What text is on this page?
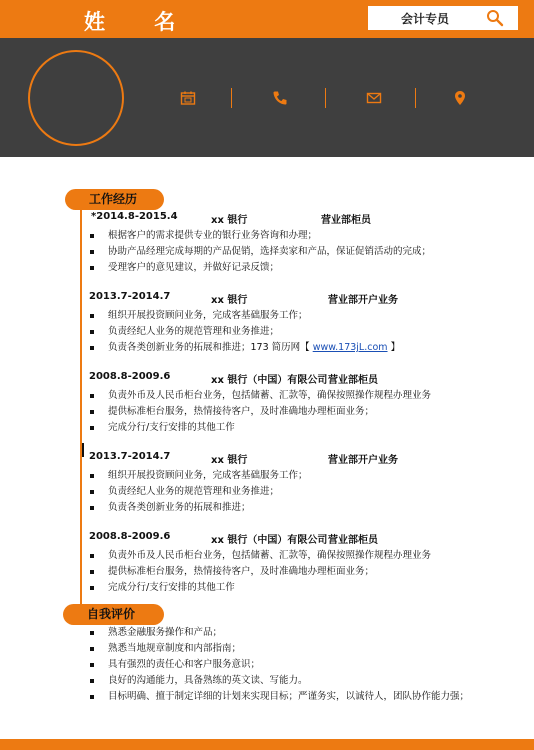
姓 名	会计专员
工作经历
*2014.8-2015.4	xx 银行	营业部柜员
根据客户的需求提供专业的银行业务咨询和办理；
协助产品经理完成每期的产品促销，选择卖家和产品，保证促销活动的完成；
受理客户的意见建议，并做好记录反馈；
2013.7-2014.7	xx 银行	营业部开户业务
组织开展投资顾问业务，完成客基础服务工作；
负责经纪人业务的规范管理和业务推进；
负责各类创新业务的拓展和推进；173 简历网【 www.173jL.com 】
2008.8-2009.6	xx 银行（中国）有限公司 营业部柜员
负责外币及人民币柜台业务，包括储蓄、汇款等，确保按照操作规程办理业务
提供标准柜台服务，热情接待客户，及时准确地办理柜面业务；
完成分行/支行安排的其他工作
2013.7-2014.7	xx 银行	营业部开户业务
组织开展投资顾问业务，完成客基础服务工作；
负责经纪人业务的规范管理和业务推进；
负责各类创新业务的拓展和推进；
2008.8-2009.6	xx 银行（中国）有限公司 营业部柜员
负责外币及人民币柜台业务，包括储蓄、汇款等，确保按照操作规程办理业务
提供标准柜台服务，热情接待客户，及时准确地办理柜面业务；
完成分行/支行安排的其他工作
自我评价
熟悉金融服务操作和产品；
熟悉当地规章制度和内部指南；
具有强烈的责任心和客户服务意识；
良好的沟通能力，具备熟练的英文读、写能力。
目标明确、擅于制定详细的计划来实现目标；严谨务实，以诚待人，团队协作能力强；
